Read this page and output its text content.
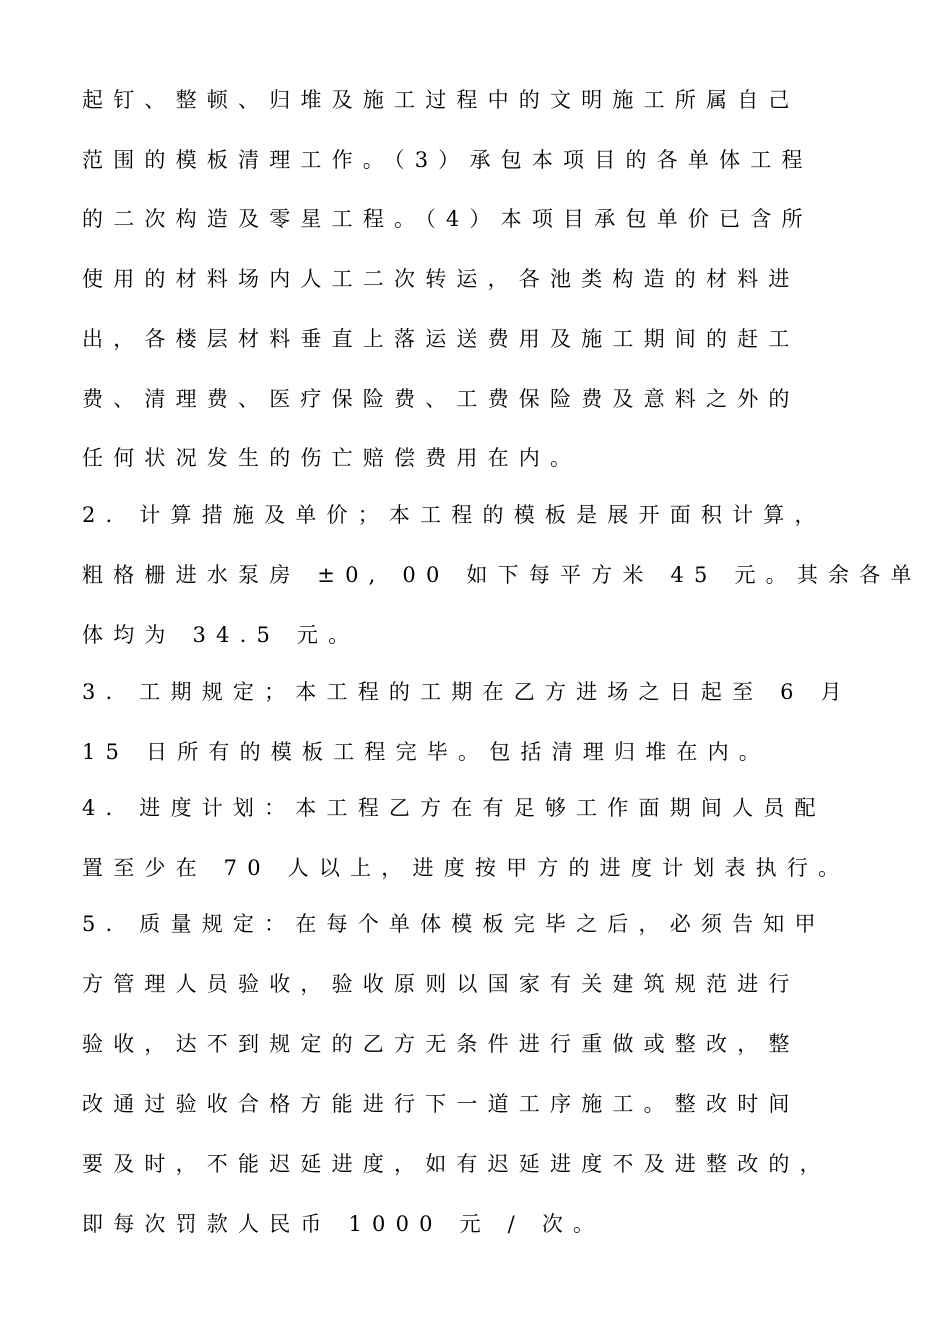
起钉、整顿、归堆及施工过程中的文明施工所属自己
范围的模板清理工作。（3）承包本项目的各单体工程
的二次构造及零星工程。（4）本项目承包单价已含所
使用的材料场内人工二次转运，各池类构造的材料进
出，各楼层材料垂直上落运送费用及施工期间的赶工
费、清理费、医疗保险费、工费保险费及意料之外的
任何状况发生的伤亡赔偿费用在内。
2. 计算措施及单价；本工程的模板是展开面积计算，
粗格栅进水泵房 ±0, 00 如下每平方米 45 元。其余各单
体均为 34.5 元。
3. 工期规定；本工程的工期在乙方进场之日起至 6 月
15 日所有的模板工程完毕。包括清理归堆在内。
4. 进度计划：本工程乙方在有足够工作面期间人员配
置至少在 70 人以上，进度按甲方的进度计划表执行。
5. 质量规定：在每个单体模板完毕之后，必须告知甲
方管理人员验收，验收原则以国家有关建筑规范进行
验收，达不到规定的乙方无条件进行重做或整改，整
改通过验收合格方能进行下一道工序施工。整改时间
要及时，不能迟延进度，如有迟延进度不及进整改的，
即每次罚款人民币 1000 元 / 次。
